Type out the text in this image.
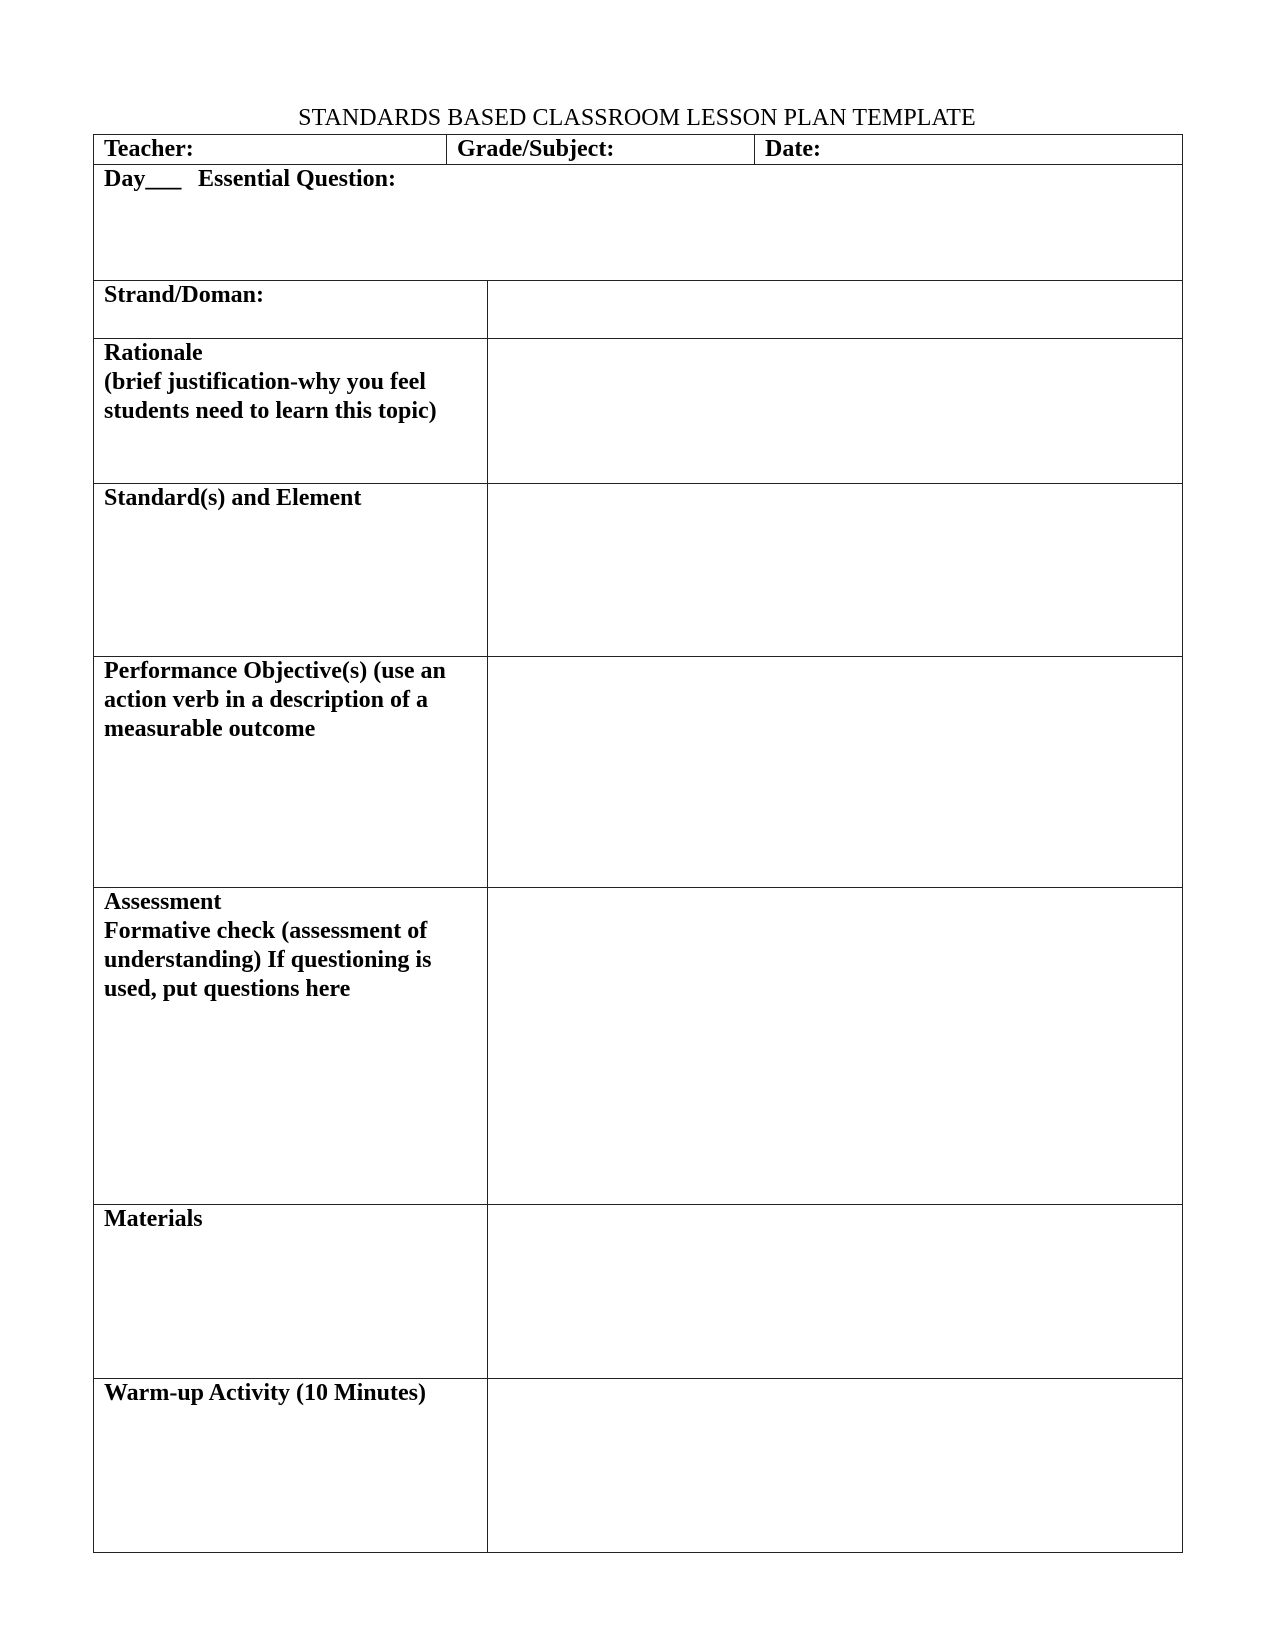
STANDARDS BASED CLASSROOM LESSON PLAN TEMPLATE
Teacher:	Grade/Subject:	Date:
Day___ Essential Question:
Strand/Doman:
Rationale
(brief justification-why you feel
students need to learn this topic)
Standard(s) and Element
Performance Objective(s) (use an
action verb in a description of a
measurable outcome
Assessment
Formative check (assessment of
understanding) If questioning is
used, put questions here
Materials
Warm-up Activity (10 Minutes)
